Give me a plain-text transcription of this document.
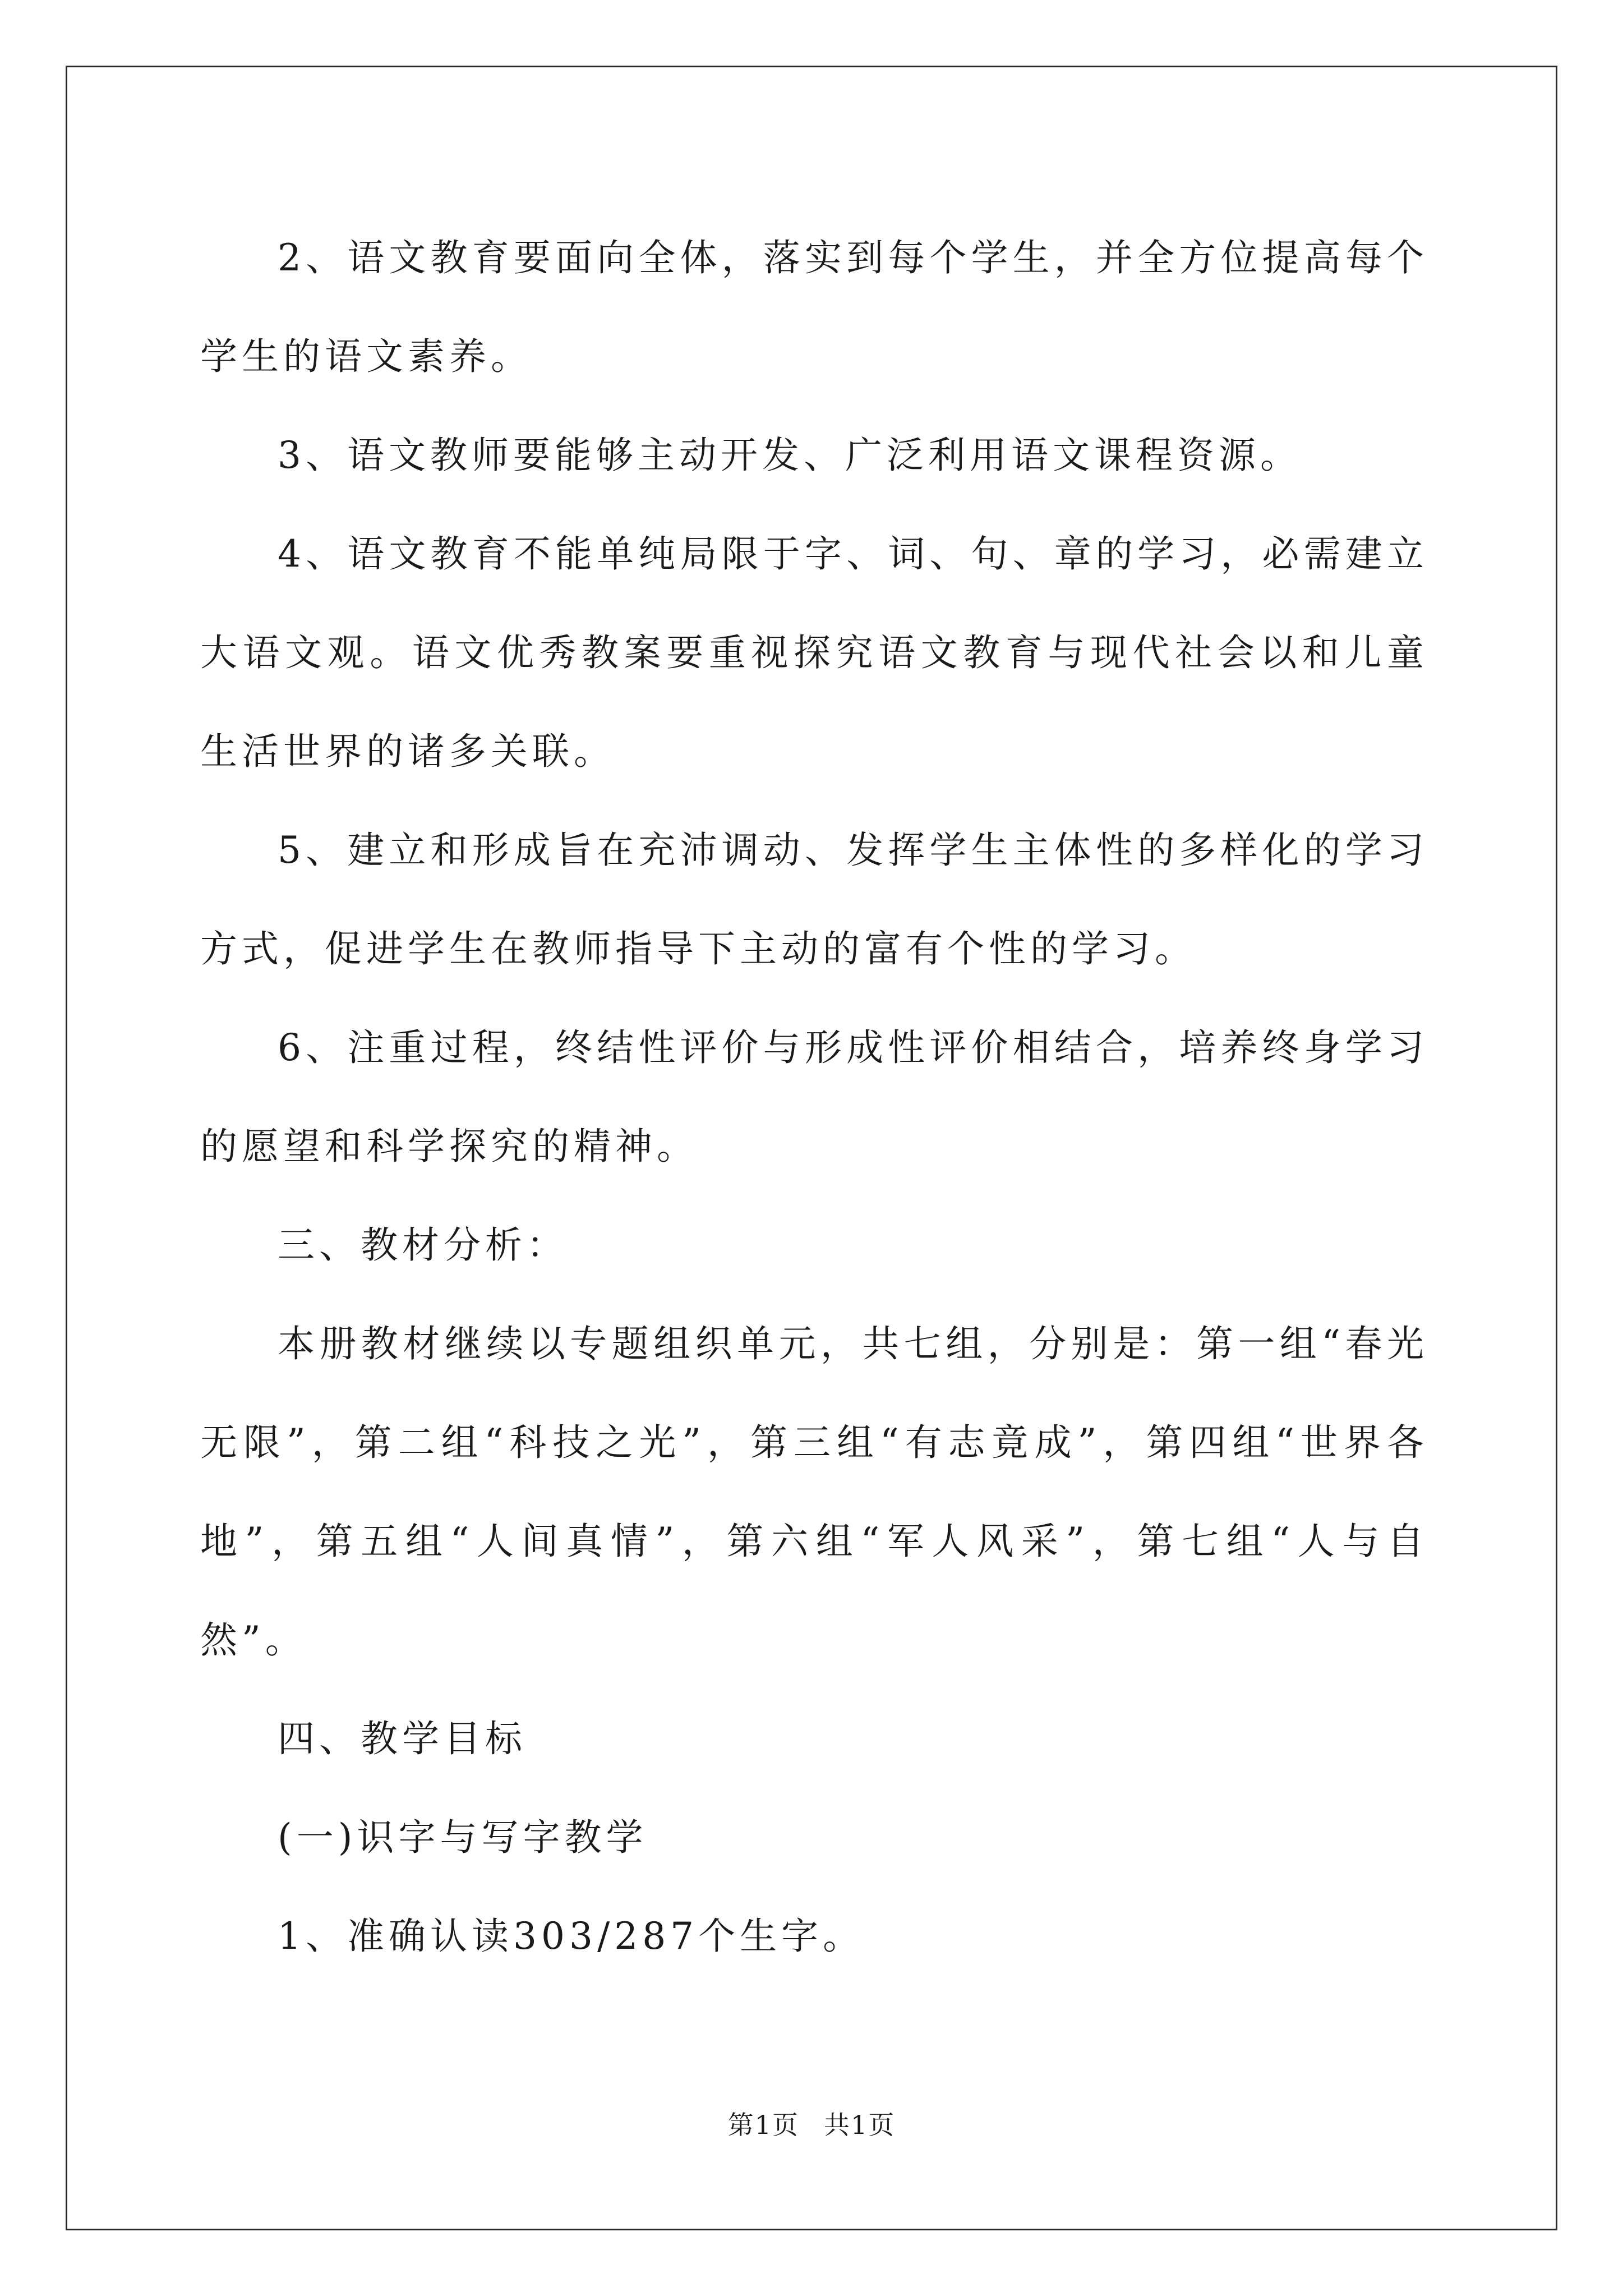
2、语文教育要面向全体，落实到每个学生，并全方位提高每个学生的语文素养。

3、语文教师要能够主动开发、广泛利用语文课程资源。

4、语文教育不能单纯局限于字、词、句、章的学习，必需建立大语文观。语文优秀教案要重视探究语文教育与现代社会以和儿童生活世界的诸多关联。

5、建立和形成旨在充沛调动、发挥学生主体性的多样化的学习方式，促进学生在教师指导下主动的富有个性的学习。

6、注重过程，终结性评价与形成性评价相结合，培养终身学习的愿望和科学探究的精神。

三、教材分析：

本册教材继续以专题组织单元，共七组，分别是：第一组“春光无限”，第二组“科技之光”，第三组“有志竟成”，第四组“世界各地”，第五组“人间真情”，第六组“军人风采”，第七组“人与自然”。

四、教学目标

(一)识字与写字教学

1、准确认读303/287个生字。

第1页 共1页
